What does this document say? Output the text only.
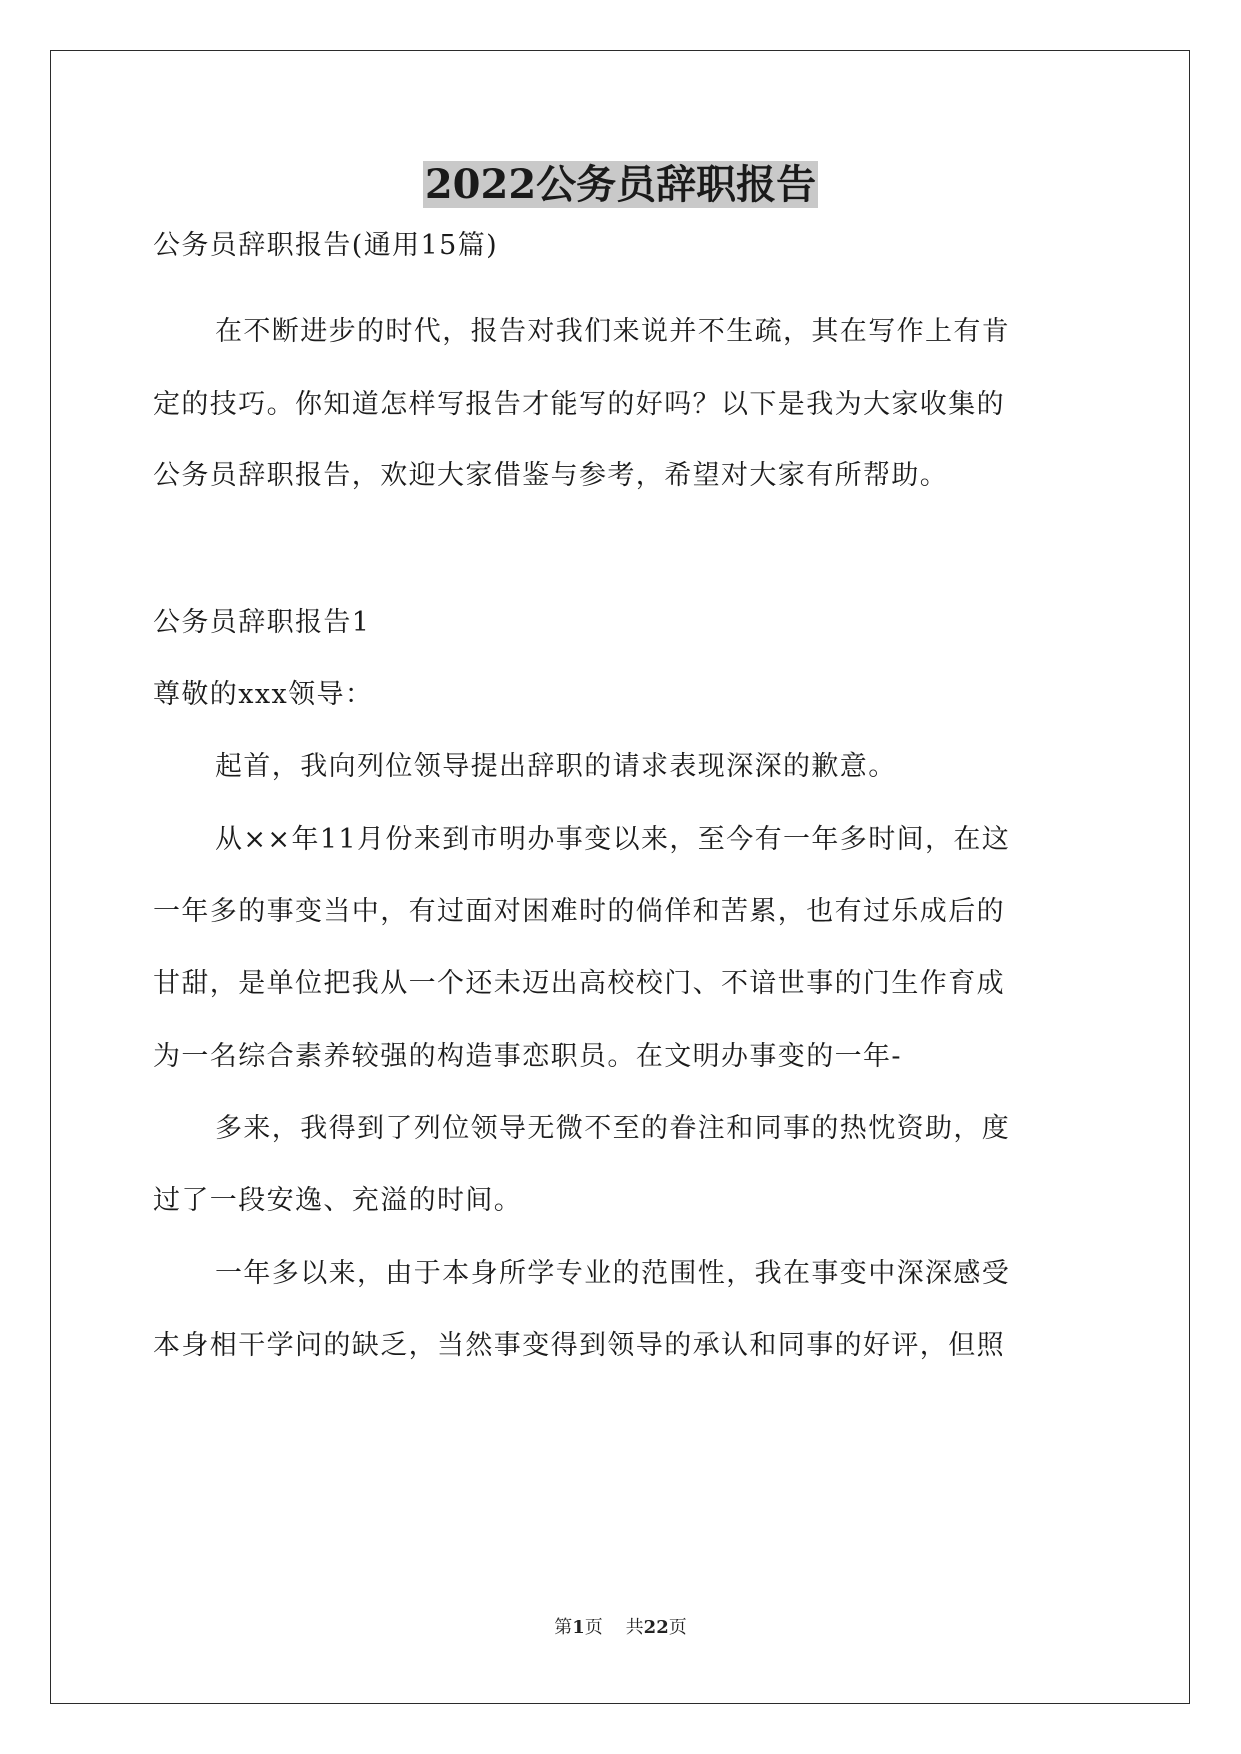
2022公务员辞职报告
公务员辞职报告(通用15篇)
在不断进步的时代，报告对我们来说并不生疏，其在写作上有肯
定的技巧。你知道怎样写报告才能写的好吗？以下是我为大家收集的
公务员辞职报告，欢迎大家借鉴与参考，希望对大家有所帮助。
公务员辞职报告1
尊敬的xxx领导：
起首，我向列位领导提出辞职的请求表现深深的歉意。
从××年11月份来到市明办事变以来，至今有一年多时间，在这
一年多的事变当中，有过面对困难时的倘佯和苦累，也有过乐成后的
甘甜，是单位把我从一个还未迈出高校校门、不谙世事的门生作育成
为一名综合素养较强的构造事恋职员。在文明办事变的一年-
多来，我得到了列位领导无微不至的眷注和同事的热忱资助，度
过了一段安逸、充溢的时间。
一年多以来，由于本身所学专业的范围性，我在事变中深深感受
本身相干学问的缺乏，当然事变得到领导的承认和同事的好评，但照
第1页 共22页
